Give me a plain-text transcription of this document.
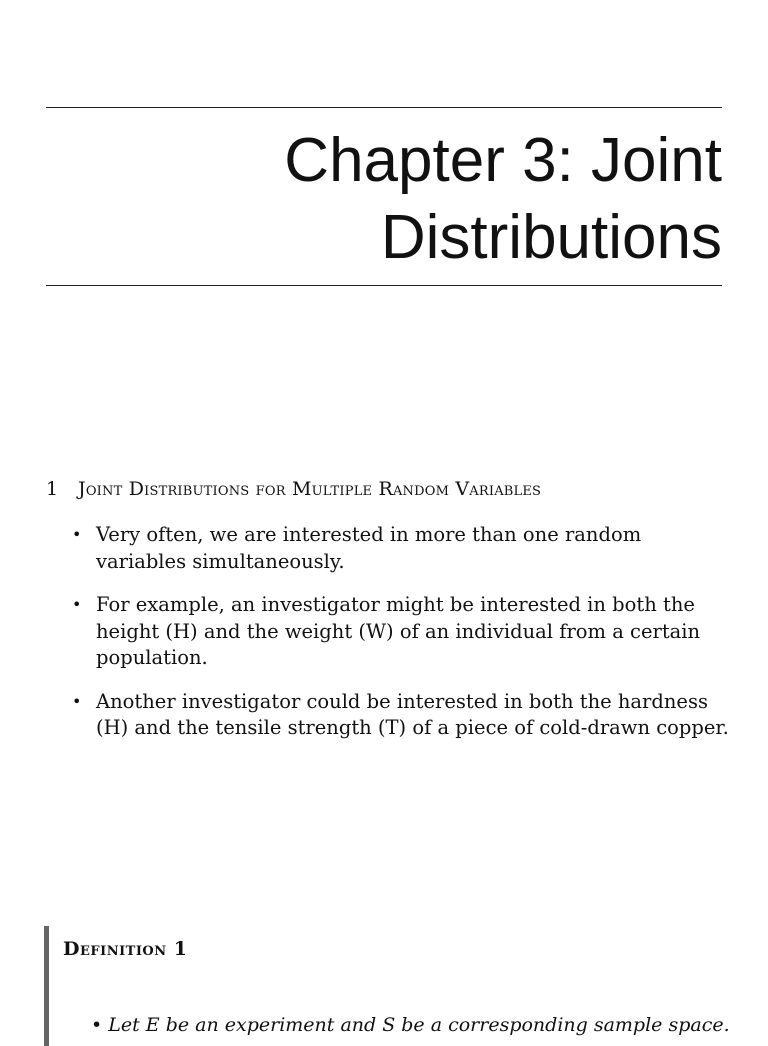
Chapter 3: Joint
Distributions
1 Joint Distributions for Multiple Random Variables
• Very often, we are interested in more than one random variables simultaneously.
• For example, an investigator might be interested in both the height (H) and the weight (W) of an individual from a certain population.
• Another investigator could be interested in both the hardness (H) and the tensile strength (T) of a piece of cold-drawn copper.

Definition 1

• Let E be an experiment and S be a corresponding sample space.
